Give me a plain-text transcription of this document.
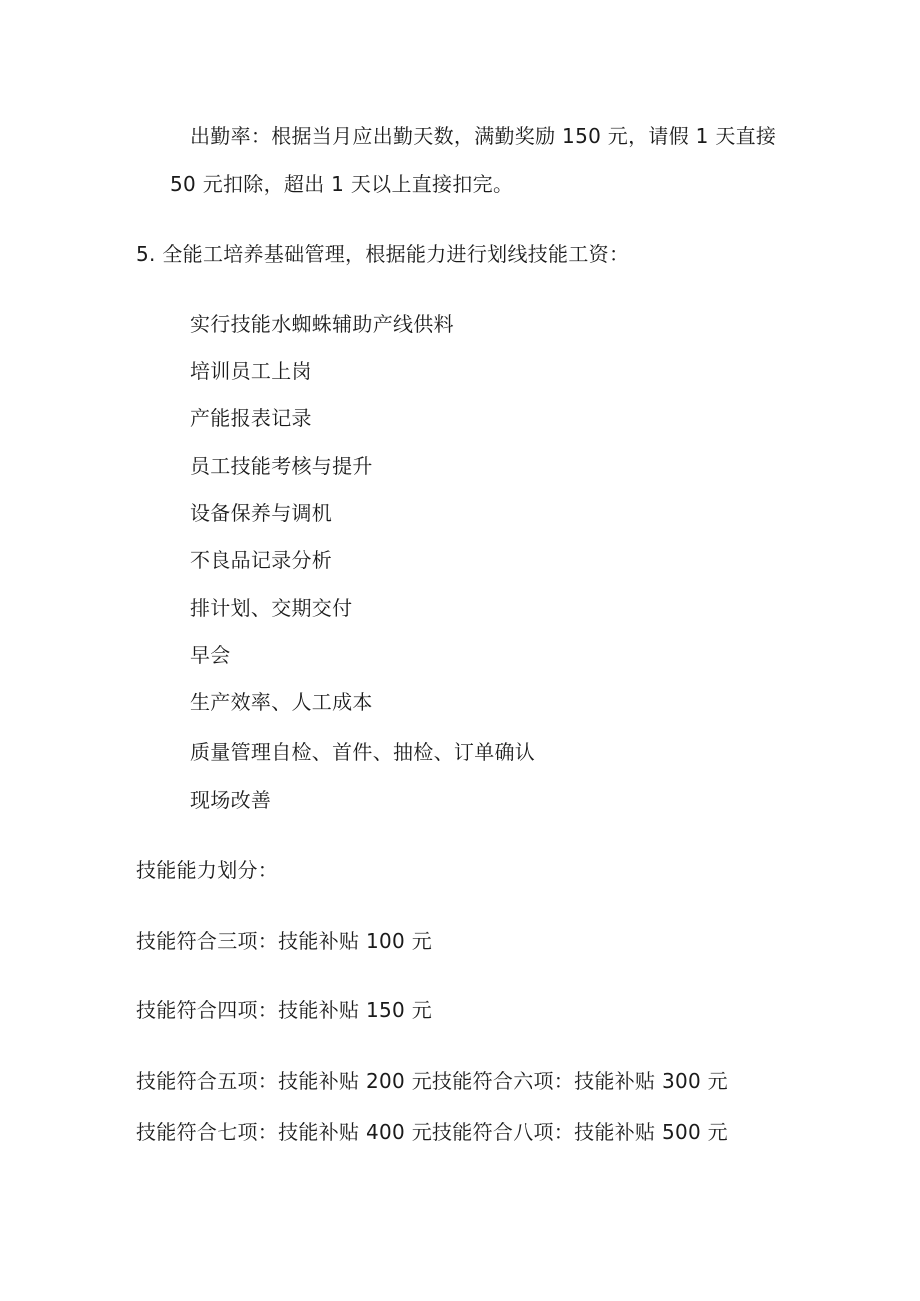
出勤率：根据当月应出勤天数，满勤奖励 150 元，请假 1 天直接
50 元扣除，超出 1 天以上直接扣完。
5. 全能工培养基础管理，根据能力进行划线技能工资：
实行技能水蜘蛛辅助产线供料
培训员工上岗
产能报表记录
员工技能考核与提升
设备保养与调机
不良品记录分析
排计划、交期交付
早会
生产效率、人工成本
质量管理自检、首件、抽检、订单确认
现场改善
技能能力划分：
技能符合三项：技能补贴 100 元
技能符合四项：技能补贴 150 元
技能符合五项：技能补贴 200 元技能符合六项：技能补贴 300 元
技能符合七项：技能补贴 400 元技能符合八项：技能补贴 500 元
